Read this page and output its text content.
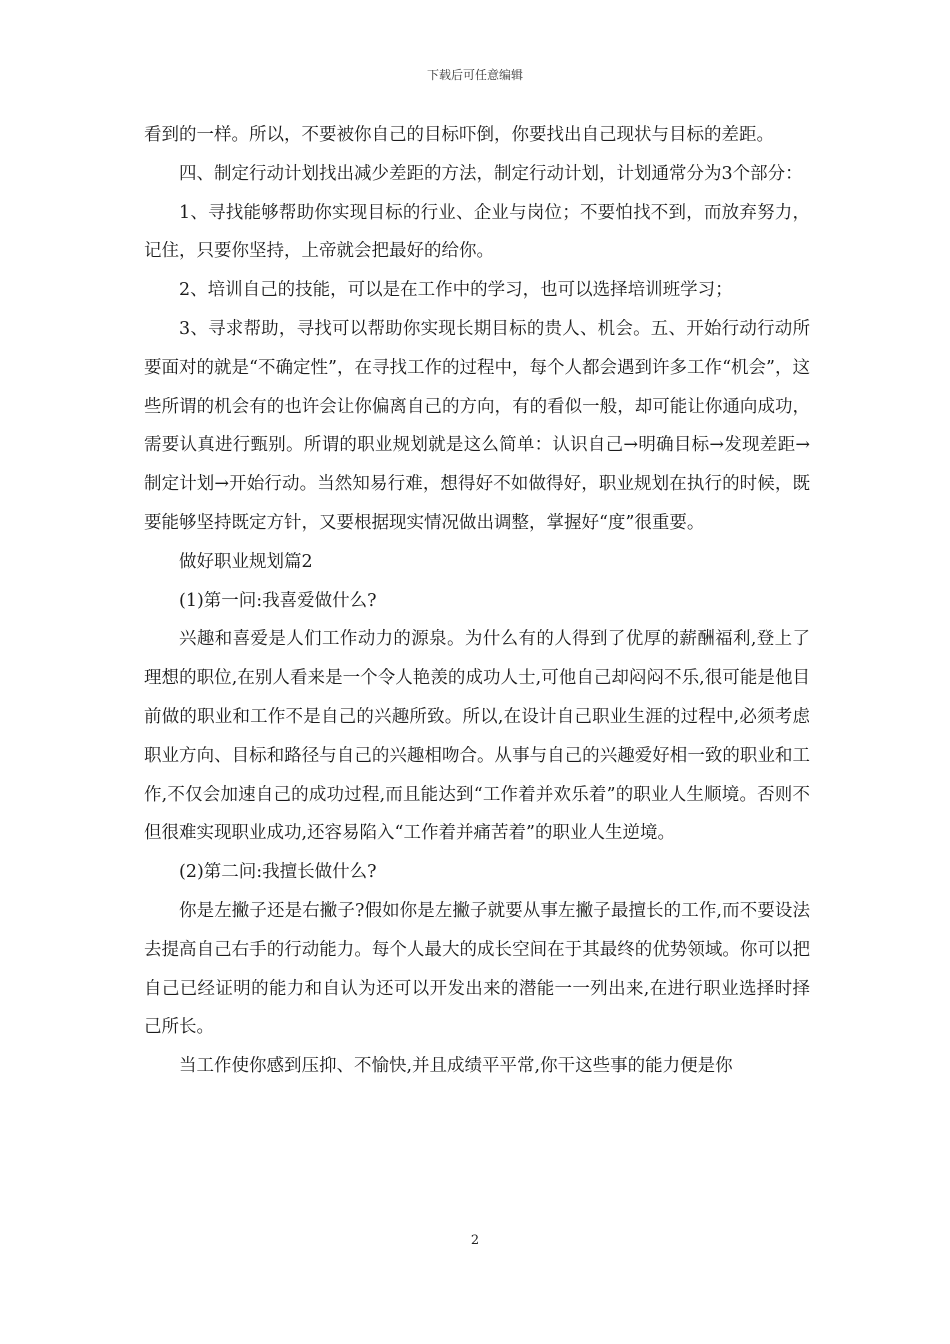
下载后可任意编辑

看到的一样。所以，不要被你自己的目标吓倒，你要找出自己现状与目标的差距。

四、制定行动计划找出减少差距的方法，制定行动计划，计划通常分为3个部分：

1、寻找能够帮助你实现目标的行业、企业与岗位；不要怕找不到，而放弃努力，记住，只要你坚持，上帝就会把最好的给你。

2、培训自己的技能，可以是在工作中的学习，也可以选择培训班学习；

3、寻求帮助，寻找可以帮助你实现长期目标的贵人、机会。五、开始行动行动所要面对的就是“不确定性”，在寻找工作的过程中，每个人都会遇到许多工作“机会”，这些所谓的机会有的也许会让你偏离自己的方向，有的看似一般，却可能让你通向成功，需要认真进行甄别。所谓的职业规划就是这么简单：认识自己→明确目标→发现差距→制定计划→开始行动。当然知易行难，想得好不如做得好，职业规划在执行的时候，既要能够坚持既定方针，又要根据现实情况做出调整，掌握好“度”很重要。

做好职业规划篇2

(1)第一问:我喜爱做什么?

兴趣和喜爱是人们工作动力的源泉。为什么有的人得到了优厚的薪酬福利,登上了理想的职位,在别人看来是一个令人艳羡的成功人士,可他自己却闷闷不乐,很可能是他目前做的职业和工作不是自己的兴趣所致。所以,在设计自己职业生涯的过程中,必须考虑职业方向、目标和路径与自己的兴趣相吻合。从事与自己的兴趣爱好相一致的职业和工作,不仅会加速自己的成功过程,而且能达到“工作着并欢乐着”的职业人生顺境。否则不但很难实现职业成功,还容易陷入“工作着并痛苦着”的职业人生逆境。

(2)第二问:我擅长做什么?

你是左撇子还是右撇子?假如你是左撇子就要从事左撇子最擅长的工作,而不要设法去提高自己右手的行动能力。每个人最大的成长空间在于其最终的优势领域。你可以把自己已经证明的能力和自认为还可以开发出来的潜能一一列出来,在进行职业选择时择己所长。

当工作使你感到压抑、不愉快,并且成绩平平常,你干这些事的能力便是你

2
